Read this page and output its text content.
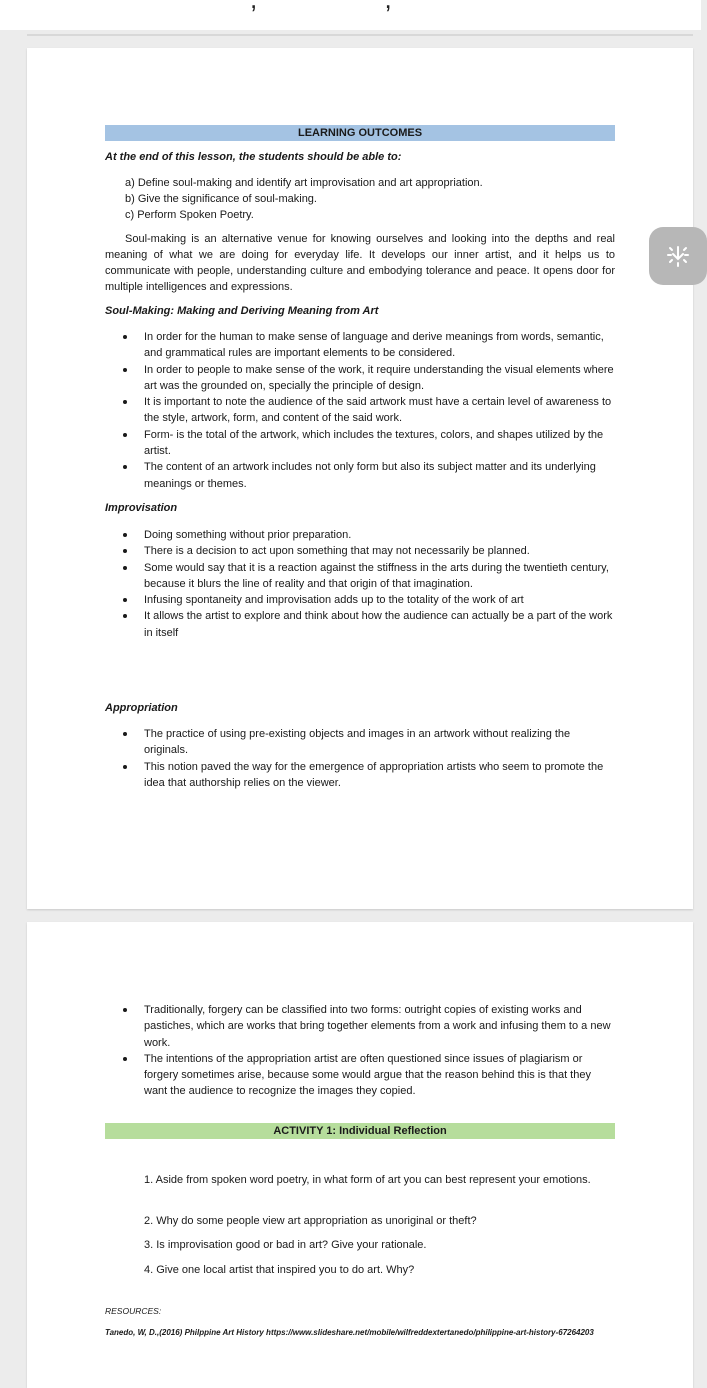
LEARNING OUTCOMES
At the end of this lesson, the students should be able to:
a) Define soul-making and identify art improvisation and art appropriation.
b) Give the significance of soul-making.
c) Perform Spoken Poetry.
Soul-making is an alternative venue for knowing ourselves and looking into the depths and real meaning of what we are doing for everyday life. It develops our inner artist, and it helps us to communicate with people, understanding culture and embodying tolerance and peace. It opens door for multiple intelligences and expressions.
Soul-Making: Making and Deriving Meaning from Art
In order for the human to make sense of language and derive meanings from words, semantic, and grammatical rules are important elements to be considered.
In order to people to make sense of the work, it require understanding the visual elements where art was the grounded on, specially the principle of design.
It is important to note the audience of the said artwork must have a certain level of awareness to the style, artwork, form, and content of the said work.
Form- is the total of the artwork, which includes the textures, colors, and shapes utilized by the artist.
The content of an artwork includes not only form but also its subject matter and its underlying meanings or themes.
Improvisation
Doing something without prior preparation.
There is a decision to act upon something that may not necessarily be planned.
Some would say that it is a reaction against the stiffness in the arts during the twentieth century, because it blurs the line of reality and that origin of that imagination.
Infusing spontaneity and improvisation adds up to the totality of the work of art
It allows the artist to explore and think about how the audience can actually be a part of the work in itself
Appropriation
The practice of using pre-existing objects and images in an artwork without realizing the originals.
This notion paved the way for the emergence of appropriation artists who seem to promote the idea that authorship relies on the viewer.
Traditionally, forgery can be classified into two forms: outright copies of existing works and pastiches, which are works that bring together elements from a work and infusing them to a new work.
The intentions of the appropriation artist are often questioned since issues of plagiarism or forgery sometimes arise, because some would argue that the reason behind this is that they want the audience to recognize the images they copied.
ACTIVITY 1: Individual Reflection
1. Aside from spoken word poetry, in what form of art you can best represent your emotions.
2. Why do some people view art appropriation as unoriginal or theft?
3. Is improvisation good or bad in art? Give your rationale.
4. Give one local artist that inspired you to do art. Why?
RESOURCES:
Tanedo, W, D.,(2016) Philppine Art History https://www.slideshare.net/mobile/wilfreddextertanedo/philippine-art-history-67264203
